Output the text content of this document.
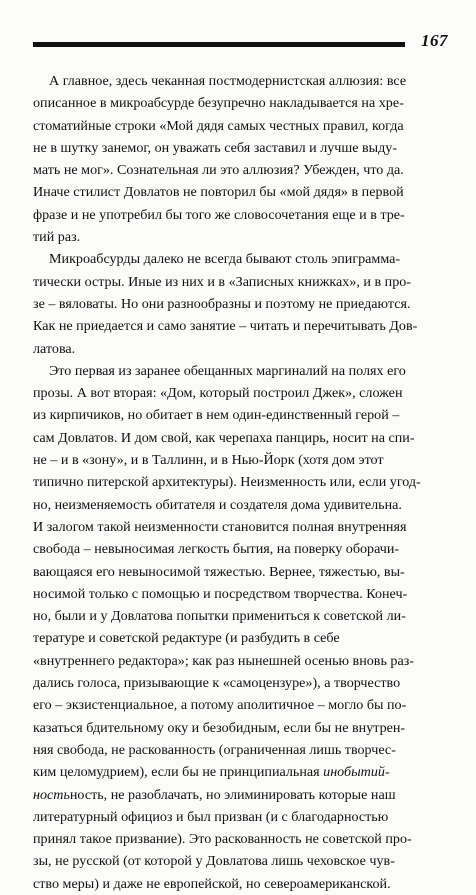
167

А главное, здесь чеканная постмодернистская аллюзия: все
описанное в микроабсурде безупречно накладывается на хре-
стоматийные строки «Мой дядя самых честных правил, когда
не в шутку занемог, он уважать себя заставил и лучше выду-
мать не мог». Сознательная ли это аллюзия? Убежден, что да.
Иначе стилист Довлатов не повторил бы «мой дядя» в первой
фразе и не употребил бы того же словосочетания еще и в тре-
тий раз.

Микроабсурды далеко не всегда бывают столь эпиграмма-
тически остры. Иные из них и в «Записных книжках», и в про-
зе – вяловаты. Но они разнообразны и поэтому не приедаются.
Как не приедается и само занятие – читать и перечитывать Дов-
латова.

Это первая из заранее обещанных маргиналий на полях его
прозы. А вот вторая: «Дом, который построил Джек», сложен
из кирпичиков, но обитает в нем один-единственный герой –
сам Довлатов. И дом свой, как черепаха панцирь, носит на спи-
не – и в «зону», и в Таллинн, и в Нью-Йорк (хотя дом этот
типично питерской архитектуры). Неизменность или, если угод-
но, неизменяемость обитателя и создателя дома удивительна.
И залогом такой неизменности становится полная внутренняя
свобода – невыносимая легкость бытия, на поверку оборачи-
вающаяся его невыносимой тяжестью. Вернее, тяжестью, вы-
носимой только с помощью и посредством творчества. Конеч-
но, были и у Довлатова попытки примениться к советской ли-
тературе и советской редактуре (и разбудить в себе
«внутреннего редактора»; как раз нынешней осенью вновь раз-
дались голоса, призывающие к «самоцензуре»), а творчество
его – экзистенциальное, а потому аполитичное – могло бы по-
казаться бдительному оку и безобидным, если бы не внутрен-
няя свобода, не раскованность (ограниченная лишь творчес-
ким целомудрием), если бы не принципиальная инобытий-
ностьность, не разоблачать, но элиминировать которые наш
литературный официоз и был призван (и с благодарностью
принял такое призвание). Это раскованность не советской про-
зы, не русской (от которой у Довлатова лишь чеховское чув-
ство меры) и даже не европейской, но североамериканской.
